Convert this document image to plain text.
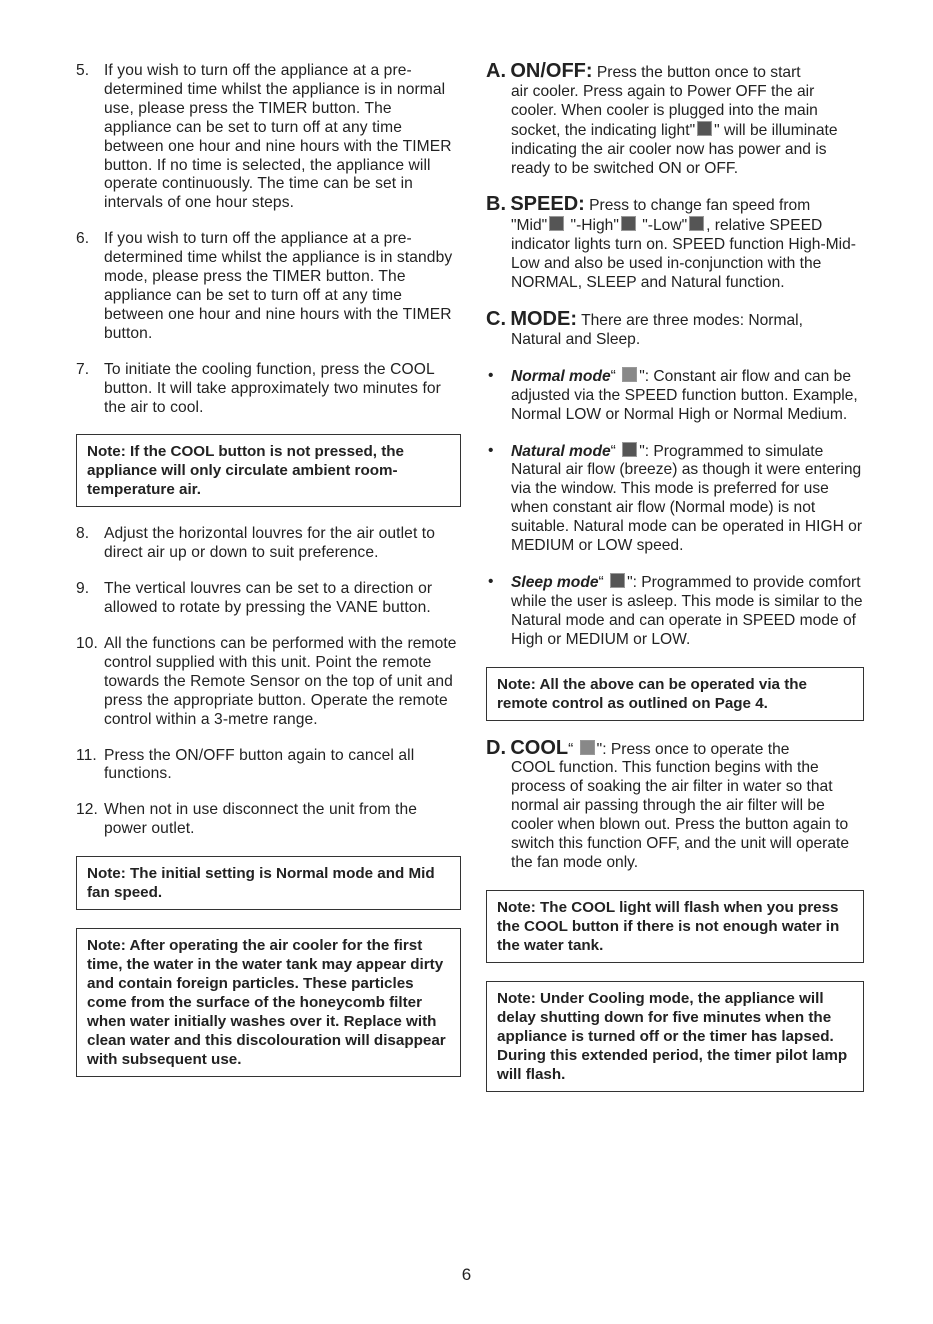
5. If you wish to turn off the appliance at a pre-determined time whilst the appliance is in normal use, please press the TIMER button. The appliance can be set to turn off at any time between one hour and nine hours with the TIMER button. If no time is selected, the appliance will operate continuously. The time can be set in intervals of one hour steps.
6. If you wish to turn off the appliance at a pre-determined time whilst the appliance is in standby mode, please press the TIMER button. The appliance can be set to turn off at any time between one hour and nine hours with the TIMER button.
7. To initiate the cooling function, press the COOL button. It will take approximately two minutes for the air to cool.
Note: If the COOL button is not pressed, the appliance will only circulate ambient room-temperature air.
8. Adjust the horizontal louvres for the air outlet to direct air up or down to suit preference.
9. The vertical louvres can be set to a direction or allowed to rotate by pressing the VANE button.
10. All the functions can be performed with the remote control supplied with this unit. Point the remote towards the Remote Sensor on the top of unit and press the appropriate button. Operate the remote control within a 3-metre range.
11. Press the ON/OFF button again to cancel all functions.
12. When not in use disconnect the unit from the power outlet.
Note: The initial setting is Normal mode and Mid fan speed.
Note: After operating the air cooler for the first time, the water in the water tank may appear dirty and contain foreign particles. These particles come from the surface of the honeycomb filter when water initially washes over it. Replace with clean water and this discolouration will disappear with subsequent use.
A. ON/OFF: Press the button once to start
air cooler. Press again to Power OFF the air cooler. When cooler is plugged into the main socket, the indicating light" " will be illuminate indicating the air cooler now has power and is ready to be switched ON or OFF.
B. SPEED: Press to change fan speed from
"Mid" "-High" "-Low" , relative SPEED indicator lights turn on. SPEED function High-Mid-Low and also be used in-conjunction with the NORMAL, SLEEP and Natural function.
C. MODE: There are three modes: Normal,
Natural and Sleep.
• Normal mode“ ": Constant air flow and can be adjusted via the SPEED function button. Example, Normal LOW or Normal High or Normal Medium.
• Natural mode“ ": Programmed to simulate Natural air flow (breeze) as though it were entering via the window. This mode is preferred for use when constant air flow (Normal mode) is not suitable. Natural mode can be operated in HIGH or MEDIUM or LOW speed.
• Sleep mode“ ": Programmed to provide comfort while the user is asleep. This mode is similar to the Natural mode and can operate in SPEED mode of High or MEDIUM or LOW.
Note: All the above can be operated via the remote control as outlined on Page 4.
D. COOL“ ": Press once to operate the
COOL function. This function begins with the process of soaking the air filter in water so that normal air passing through the air filter will be cooler when blown out. Press the button again to switch this function OFF, and the unit will operate the fan mode only.
Note: The COOL light will flash when you press the COOL button if there is not enough water in the water tank.
Note: Under Cooling mode, the appliance will delay shutting down for five minutes when the appliance is turned off or the timer has lapsed. During this extended period, the timer pilot lamp will flash.
6
